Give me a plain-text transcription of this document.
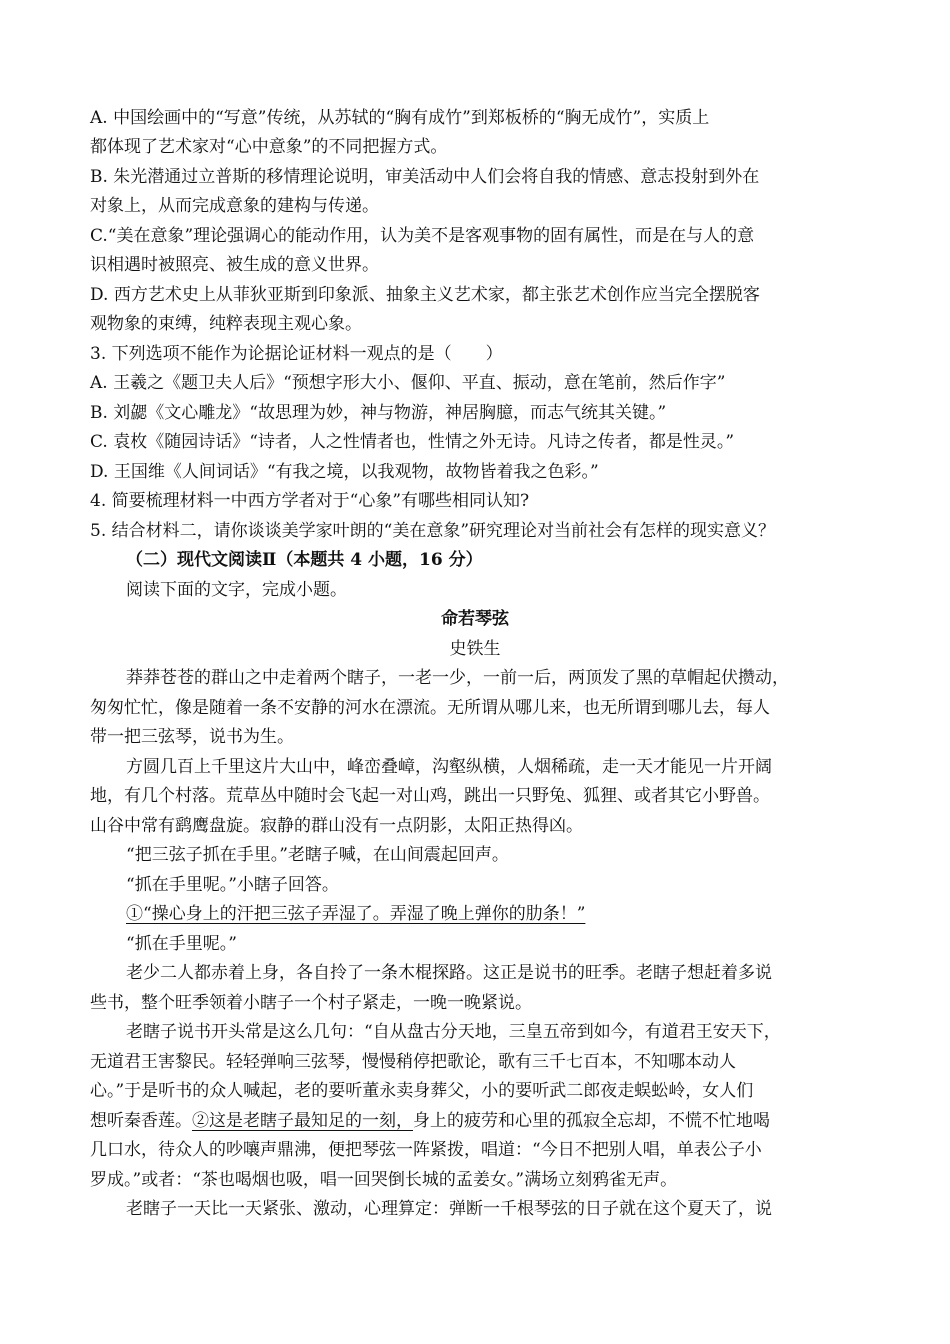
A. 中国绘画中的“写意”传统，从苏轼的“胸有成竹”到郑板桥的“胸无成竹”，实质上
都体现了艺术家对“心中意象”的不同把握方式。
B. 朱光潜通过立普斯的移情理论说明，审美活动中人们会将自我的情感、意志投射到外在
对象上，从而完成意象的建构与传递。
C.“美在意象”理论强调心的能动作用，认为美不是客观事物的固有属性，而是在与人的意
识相遇时被照亮、被生成的意义世界。
D. 西方艺术史上从菲狄亚斯到印象派、抽象主义艺术家，都主张艺术创作应当完全摆脱客
观物象的束缚，纯粹表现主观心象。
3. 下列选项不能作为论据论证材料一观点的是（　　）
A. 王羲之《题卫夫人后》“预想字形大小、偃仰、平直、振动，意在笔前，然后作字”
B. 刘勰《文心雕龙》“故思理为妙，神与物游，神居胸臆，而志气统其关键。”
C. 袁枚《随园诗话》“诗者，人之性情者也，性情之外无诗。凡诗之传者，都是性灵。”
D. 王国维《人间词话》“有我之境，以我观物，故物皆着我之色彩。”
4. 简要梳理材料一中西方学者对于“心象”有哪些相同认知?
5. 结合材料二，请你谈谈美学家叶朗的“美在意象”研究理论对当前社会有怎样的现实意义？
（二）现代文阅读Ⅱ（本题共 4 小题，16 分）
阅读下面的文字，完成小题。
命若琴弦
史铁生
莽莽苍苍的群山之中走着两个瞎子，一老一少，一前一后，两顶发了黑的草帽起伏攒动，
匆匆忙忙，像是随着一条不安静的河水在漂流。无所谓从哪儿来，也无所谓到哪儿去，每人
带一把三弦琴，说书为生。
方圆几百上千里这片大山中，峰峦叠嶂，沟壑纵横，人烟稀疏，走一天才能见一片开阔
地，有几个村落。荒草丛中随时会飞起一对山鸡，跳出一只野兔、狐狸、或者其它小野兽。
山谷中常有鹞鹰盘旋。寂静的群山没有一点阴影，太阳正热得凶。
“把三弦子抓在手里。”老瞎子喊，在山间震起回声。
“抓在手里呢。”小瞎子回答。
①“操心身上的汗把三弦子弄湿了。弄湿了晚上弹你的肋条！”
“抓在手里呢。”
老少二人都赤着上身，各自拎了一条木棍探路。这正是说书的旺季。老瞎子想赶着多说
些书，整个旺季领着小瞎子一个村子紧走，一晚一晚紧说。
老瞎子说书开头常是这么几句：“自从盘古分天地，三皇五帝到如今，有道君王安天下，
无道君王害黎民。轻轻弹响三弦琴，慢慢稍停把歌论，歌有三千七百本，不知哪本动人
心。”于是听书的众人喊起，老的要听董永卖身葬父，小的要听武二郎夜走蜈蚣岭，女人们
想听秦香莲。②这是老瞎子最知足的一刻，身上的疲劳和心里的孤寂全忘却，不慌不忙地喝
几口水，待众人的吵嚷声鼎沸，便把琴弦一阵紧拨，唱道：“今日不把别人唱，单表公子小
罗成。”或者：“茶也喝烟也吸，唱一回哭倒长城的孟姜女。”满场立刻鸦雀无声。
老瞎子一天比一天紧张、激动，心理算定：弹断一千根琴弦的日子就在这个夏天了，说
